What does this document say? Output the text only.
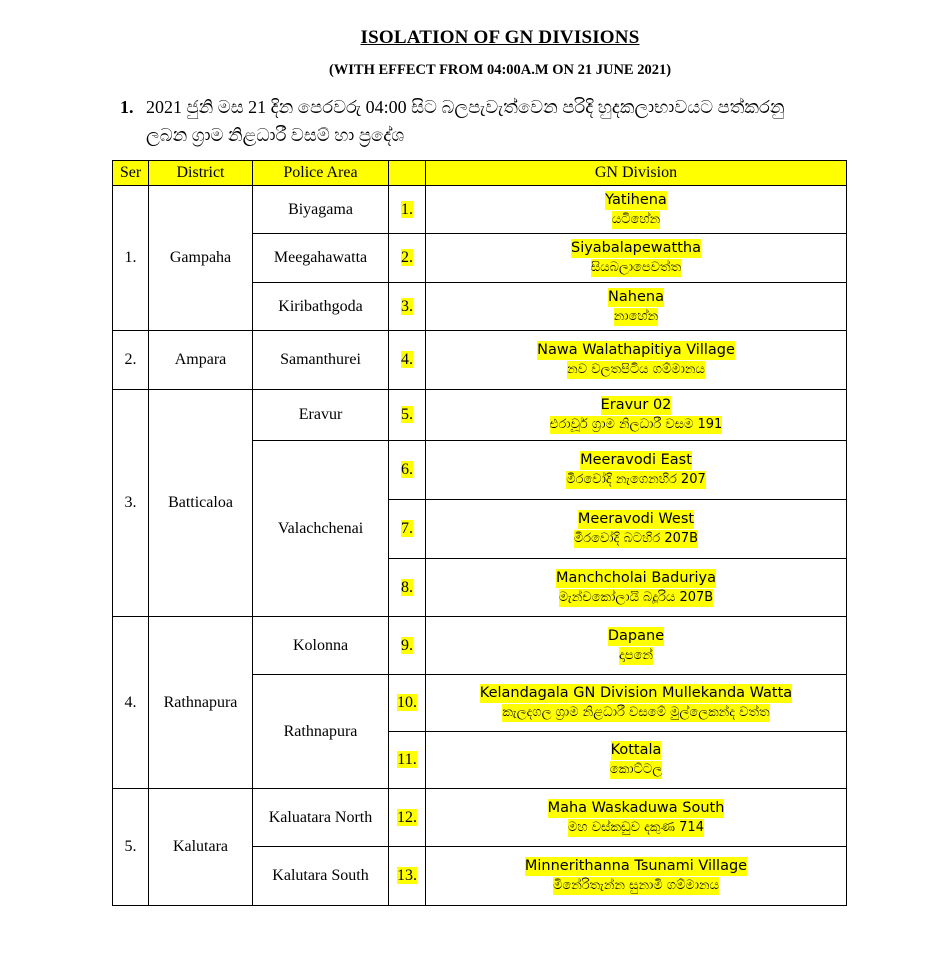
ISOLATION OF GN DIVISIONS
(WITH EFFECT FROM 04:00A.M ON 21 JUNE 2021)
1. 2021 ජුනි මස 21 දින පෙරවරු 04:00 සිට බලපැවැත්වෙන පරිදි හුදකලාභාවයට පත්කරනු
ලබන ග්‍රාම නිළධාරී වසම් හා ප්‍රදේශ
Ser	District	Police Area		GN Division
1.	Gampaha	Biyagama	1.	Yatihena
යටිහේන
		Meegahawatta	2.	Siyabalapewattha
සියබලාපෙවත්ත
		Kiribathgoda	3.	Nahena
නාහේන
2.	Ampara	Samanthurei	4.	Nawa Walathapitiya Village
නව වලතපිටිය ගම්මානය
3.	Batticaloa	Eravur	5.	Eravur 02
එරාවූර් ග්‍රාම නිලධාරී වසම 191
		Valachchenai	6.	Meeravodi East
මීරවෝදි නැගෙනහිර 207
			7.	Meeravodi West
මීරවෝදි බටහිර 207B
			8.	Manchcholai Baduriya
මැන්චකෝලායි බදූරිය 207B
4.	Rathnapura	Kolonna	9.	Dapane
දාපනේ
		Rathnapura	10.	Kelandagala GN Division Mullekanda Watta
කැලදගල ග්‍රාම නිළධාරී වසමේ මුල්ලෙකන්ද වත්ත
			11.	Kottala
කොට්ටල
5.	Kalutara	Kaluatara North	12.	Maha Waskaduwa South
මහ වස්කඩුව දකුණ 714
		Kalutara South	13.	Minnerithanna Tsunami Village
මිනේරිතැන්න සුනාමි ගම්මානය
